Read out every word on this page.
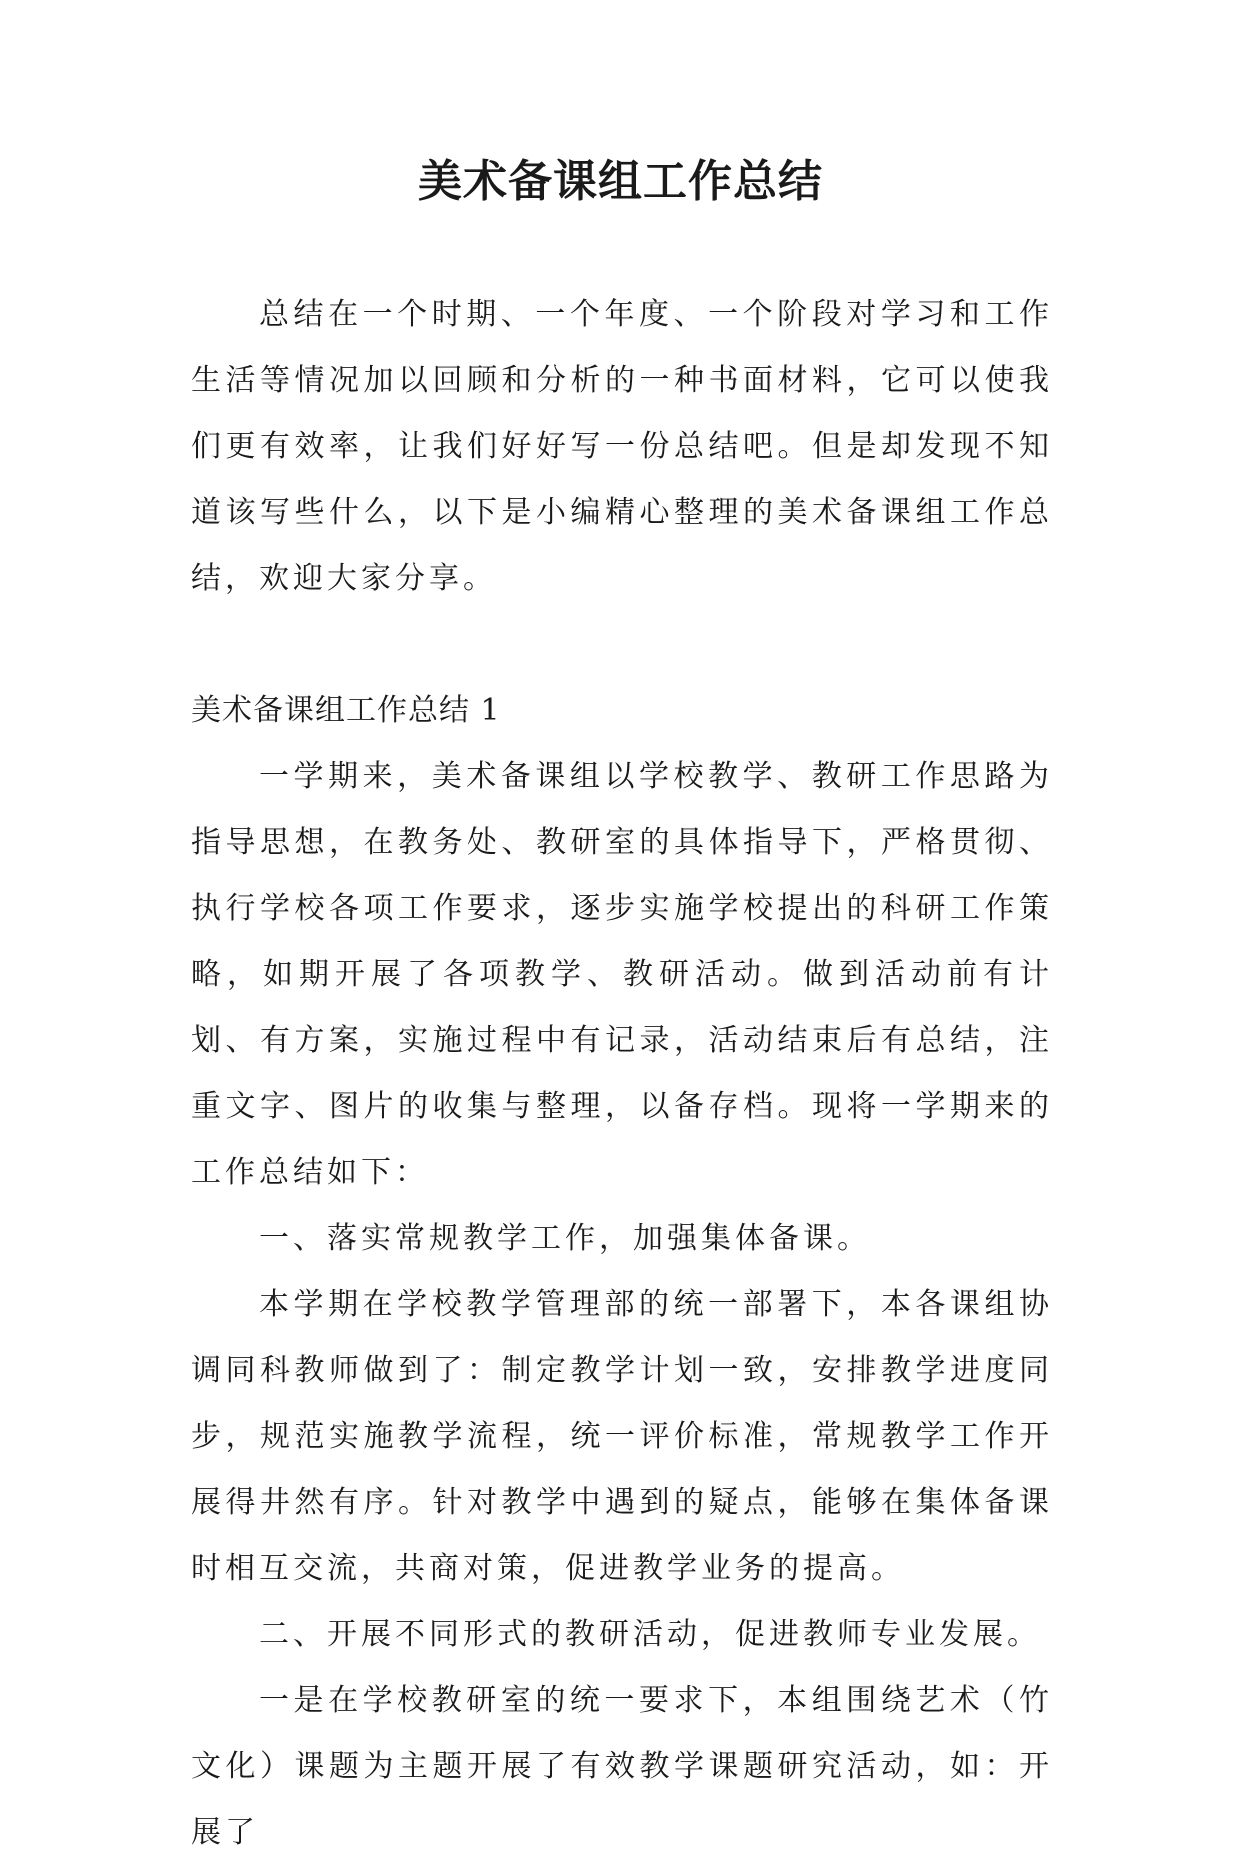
美术备课组工作总结

总结在一个时期、一个年度、一个阶段对学习和工作生活等情况加以回顾和分析的一种书面材料，它可以使我们更有效率，让我们好好写一份总结吧。但是却发现不知道该写些什么，以下是小编精心整理的美术备课组工作总结，欢迎大家分享。

美术备课组工作总结 1

一学期来，美术备课组以学校教学、教研工作思路为指导思想，在教务处、教研室的具体指导下，严格贯彻、执行学校各项工作要求，逐步实施学校提出的科研工作策略，如期开展了各项教学、教研活动。做到活动前有计划、有方案，实施过程中有记录，活动结束后有总结，注重文字、图片的收集与整理，以备存档。现将一学期来的工作总结如下：

一、落实常规教学工作，加强集体备课。

本学期在学校教学管理部的统一部署下，本各课组协调同科教师做到了：制定教学计划一致，安排教学进度同步，规范实施教学流程，统一评价标准，常规教学工作开展得井然有序。针对教学中遇到的疑点，能够在集体备课时相互交流，共商对策，促进教学业务的提高。

二、开展不同形式的教研活动，促进教师专业发展。

一是在学校教研室的统一要求下，本组围绕艺术（竹文化）课题为主题开展了有效教学课题研究活动，如：开展了
